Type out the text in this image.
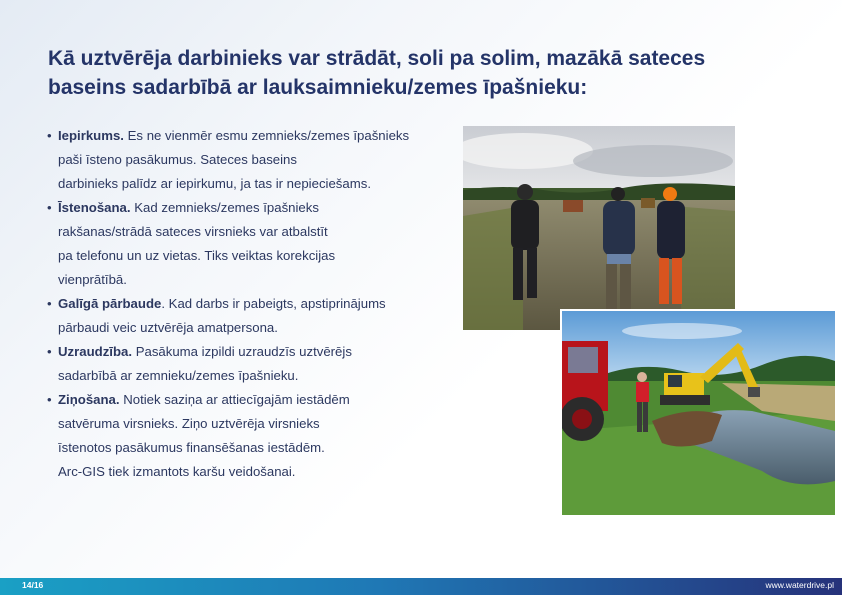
Kā uztvērēja darbinieks var strādāt, soli pa solim, mazākā sateces baseins sadarbībā ar lauksaimnieku/zemes īpašnieku:
• Iepirkums. Es ne vienmēr esmu zemnieks/zemes īpašnieks
paši īsteno pasākumus. Sateces baseins
darbinieks palīdz ar iepirkumu, ja tas ir nepieciešams.
• Īstenošana. Kad zemnieks/zemes īpašnieks
rakšanas/strādā sateces virsnieks var atbalstīt
pa telefonu un uz vietas. Tiks veiktas korekcijas
vienprātībā.
• Galīgā pārbaude. Kad darbs ir pabeigts, apstiprinājums
pārbaudi veic uztvērēja amatpersona.
• Uzraudzība. Pasākuma izpildi uzraudzīs uztvērējs
sadarbībā ar zemnieku/zemes īpašnieku.
• Ziņošana. Notiek saziņa ar attiecīgajām iestādēm
satvēruma virsnieks. Ziņo uztvērēja virsnieks
īstenotos pasākumus finansēšanas iestādēm.
Arc-GIS tiek izmantots karšu veidošanai.
14/16	www.waterdrive.pl
